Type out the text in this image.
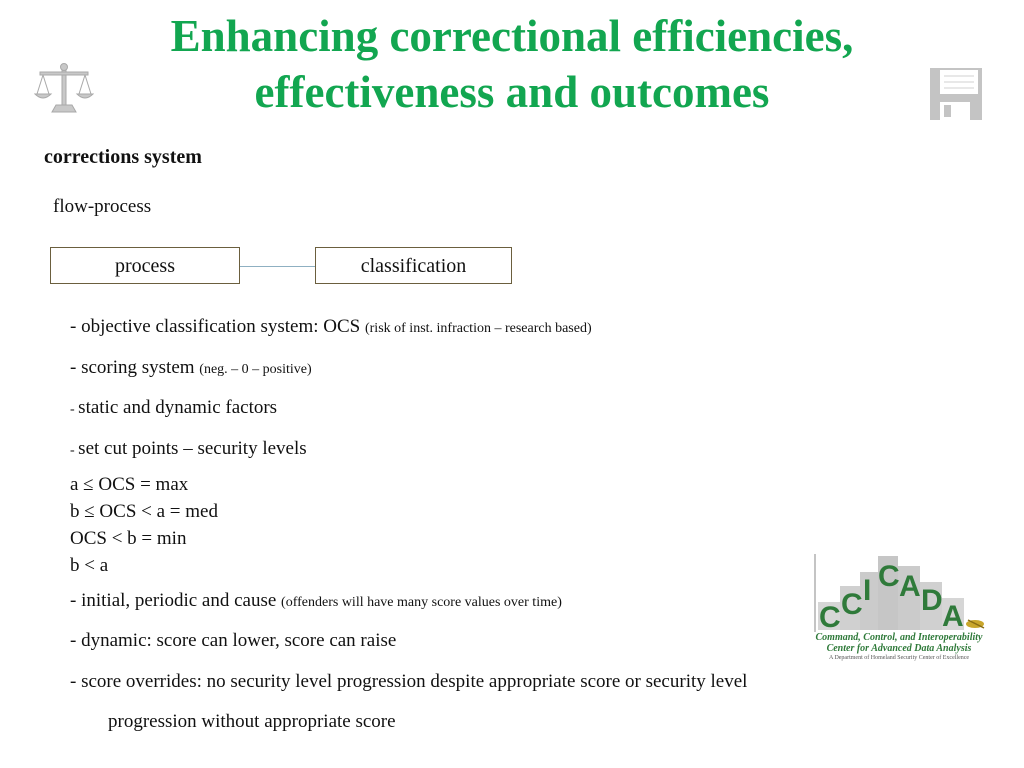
Enhancing correctional efficiencies,
effectiveness and outcomes
corrections system
flow-process
process	classification
- objective classification system: OCS (risk of inst. infraction – research based)
- scoring system (neg. – 0 – positive)
- static and dynamic factors
- set cut points – security levels
a ≤ OCS = max
b ≤ OCS < a = med
OCS < b = min
b < a
- initial, periodic and cause (offenders will have many score values over time)
- dynamic: score can lower, score can raise
- score overrides: no security level progression despite appropriate score or security level
progression without appropriate score
C C I C A D A
Command, Control, and Interoperability
Center for Advanced Data Analysis
A Department of Homeland Security Center of Excellence
